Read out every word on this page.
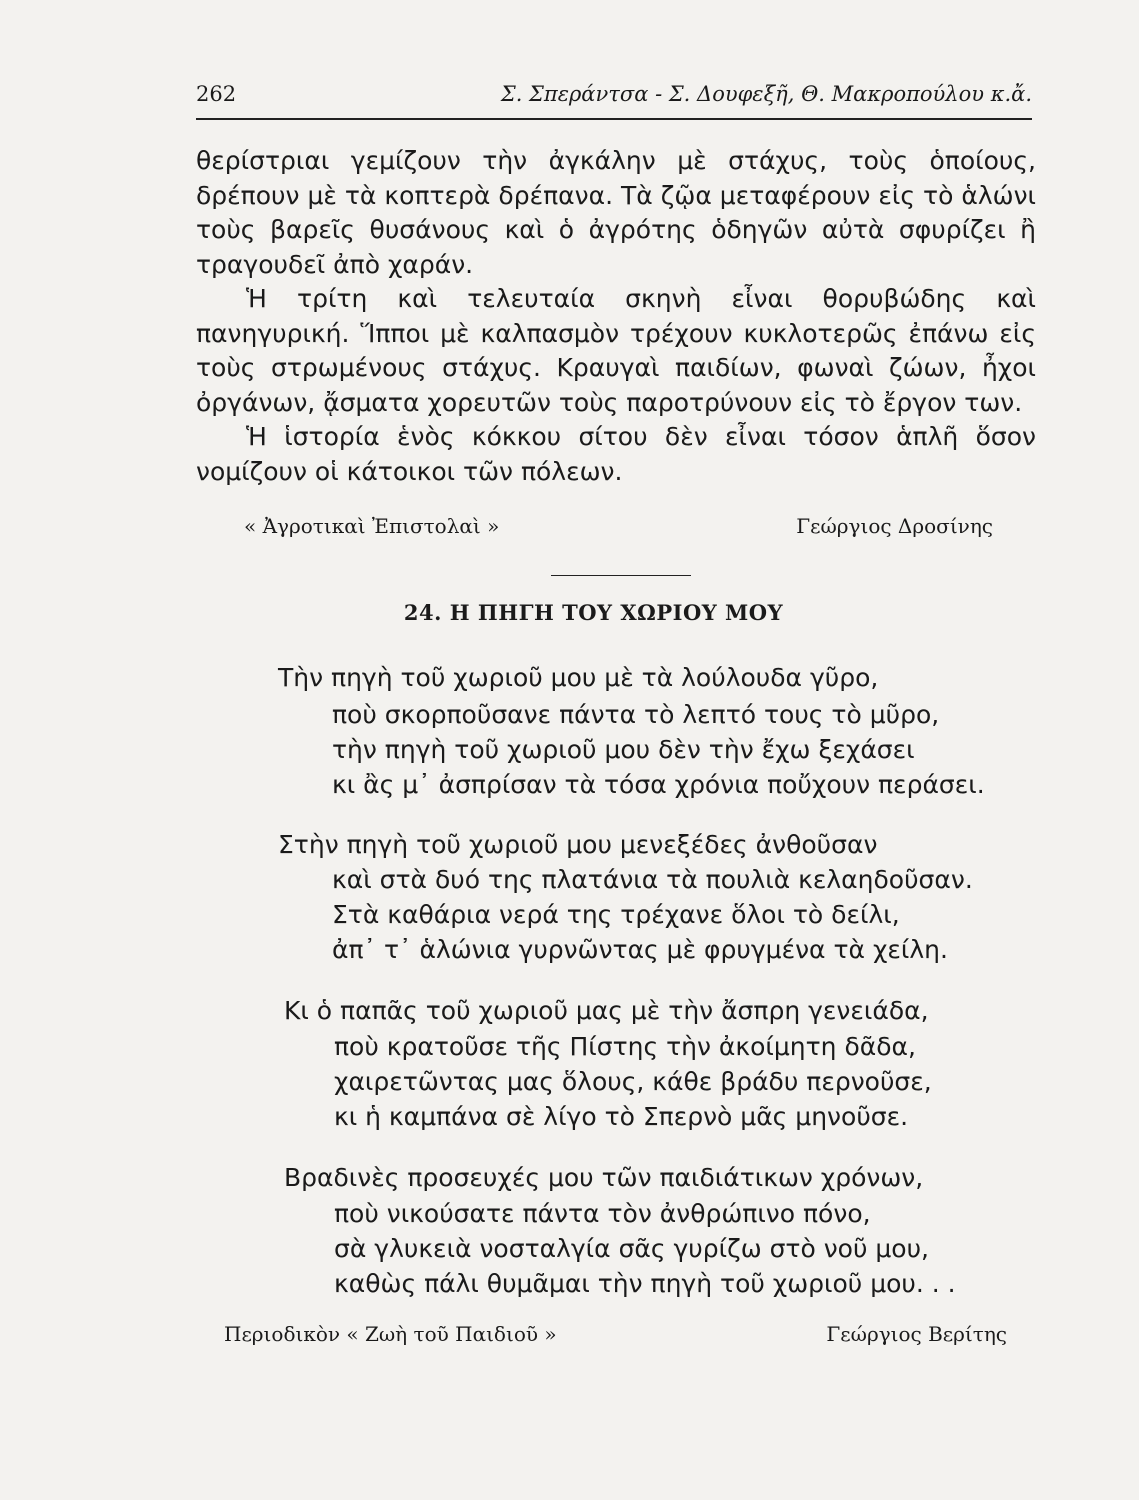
262	Σ. Σπεράντσα - Σ. Δουφεξῆ, Θ. Μακροπούλου κ.ἄ.

θερίστριαι γεμίζουν τὴν ἀγκάλην μὲ στάχυς, τοὺς ὁποίους, δρέπουν μὲ τὰ κοπτερὰ δρέπανα. Τὰ ζῷα μεταφέρουν εἰς τὸ ἁλώνι τοὺς βαρεῖς θυσάνους καὶ ὁ ἀγρότης ὁδηγῶν αὐτὰ σφυρίζει ἢ τραγουδεῖ ἀπὸ χαράν.

Ἡ τρίτη καὶ τελευταία σκηνὴ εἶναι θορυβώδης καὶ πανηγυρική. Ἵπποι μὲ καλπασμὸν τρέχουν κυκλοτερῶς ἐπάνω εἰς τοὺς στρωμένους στάχυς. Κραυγαὶ παιδίων, φωναὶ ζώων, ἦχοι ὀργάνων, ᾄσματα χορευτῶν τοὺς παροτρύνουν εἰς τὸ ἔργον των.

Ἡ ἱστορία ἑνὸς κόκκου σίτου δὲν εἶναι τόσον ἁπλῆ ὅσον νομίζουν οἱ κάτοικοι τῶν πόλεων.

« Ἀγροτικαὶ Ἐπιστολαὶ »	Γεώργιος Δροσίνης
24. Η ΠΗΓΗ ΤΟΥ ΧΩΡΙΟΥ ΜΟΥ
Τὴν πηγὴ τοῦ χωριοῦ μου μὲ τὰ λούλουδα γῦρο,
ποὺ σκορποῦσανε πάντα τὸ λεπτό τους τὸ μῦρο,
τὴν πηγὴ τοῦ χωριοῦ μου δὲν τὴν ἔχω ξεχάσει
κι ἂς μ᾽ ἀσπρίσαν τὰ τόσα χρόνια ποὔχουν περάσει.
Στὴν πηγὴ τοῦ χωριοῦ μου μενεξέδες ἀνθοῦσαν
καὶ στὰ δυό της πλατάνια τὰ πουλιὰ κελαηδοῦσαν.
Στὰ καθάρια νερά της τρέχανε ὅλοι τὸ δείλι,
ἀπ᾽ τ᾽ ἁλώνια γυρνῶντας μὲ φρυγμένα τὰ χείλη.
Κι ὁ παπᾶς τοῦ χωριοῦ μας μὲ τὴν ἄσπρη γενειάδα,
ποὺ κρατοῦσε τῆς Πίστης τὴν ἀκοίμητη δᾶδα,
χαιρετῶντας μας ὅλους, κάθε βράδυ περνοῦσε,
κι ἡ καμπάνα σὲ λίγο τὸ Σπερνὸ μᾶς μηνοῦσε.
Βραδινὲς προσευχές μου τῶν παιδιάτικων χρόνων,
ποὺ νικούσατε πάντα τὸν ἀνθρώπινο πόνο,
σὰ γλυκειὰ νοσταλγία σᾶς γυρίζω στὸ νοῦ μου,
καθὼς πάλι θυμᾶμαι τὴν πηγὴ τοῦ χωριοῦ μου. . .
Περιοδικὸν « Ζωὴ τοῦ Παιδιοῦ »	Γεώργιος Βερίτης
